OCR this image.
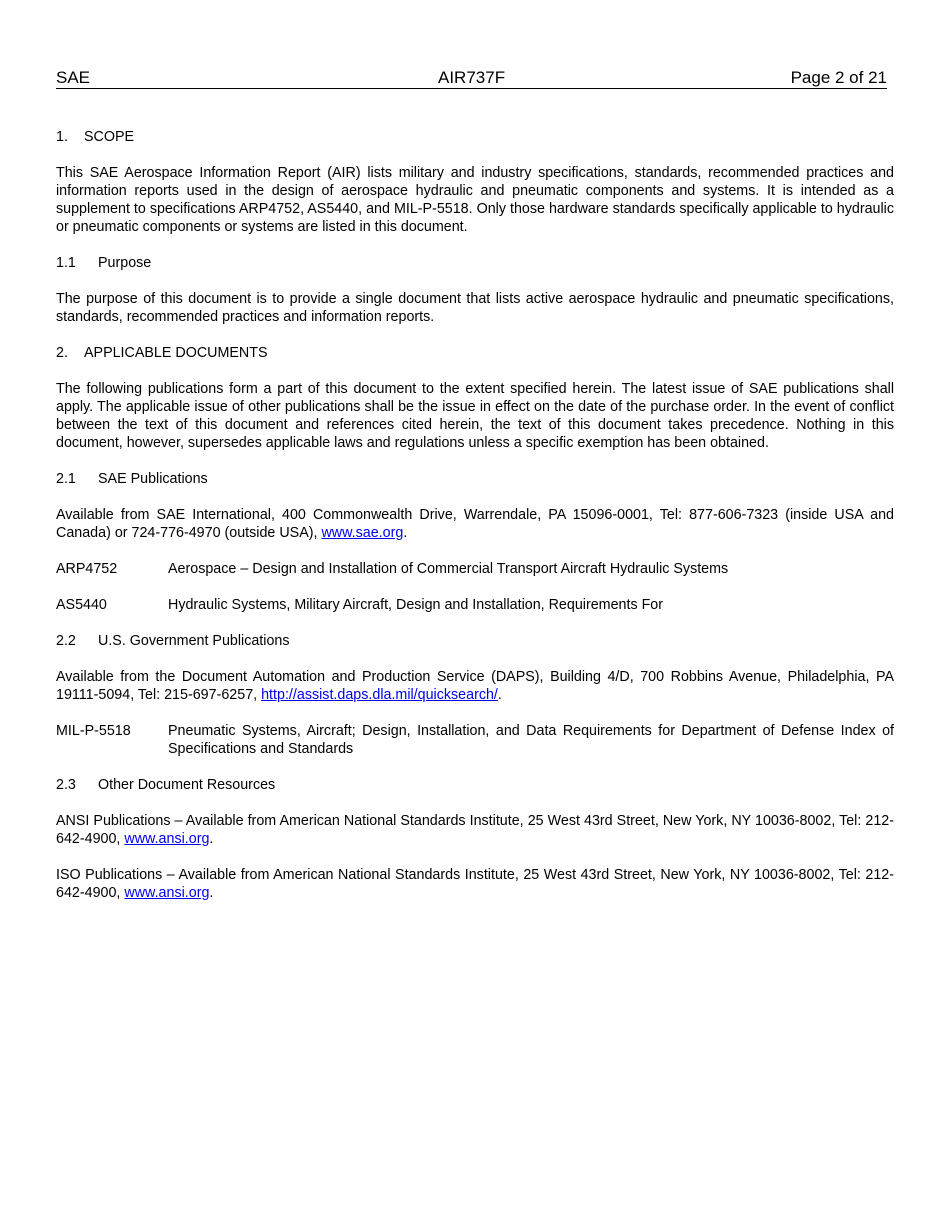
SAE	AIR737F	Page 2 of 21
1. SCOPE

This SAE Aerospace Information Report (AIR) lists military and industry specifications, standards, recommended practices and information reports used in the design of aerospace hydraulic and pneumatic components and systems. It is intended as a supplement to specifications ARP4752, AS5440, and MIL-P-5518. Only those hardware standards specifically applicable to hydraulic or pneumatic components or systems are listed in this document.

1.1 Purpose

The purpose of this document is to provide a single document that lists active aerospace hydraulic and pneumatic specifications, standards, recommended practices and information reports.

2. APPLICABLE DOCUMENTS

The following publications form a part of this document to the extent specified herein. The latest issue of SAE publications shall apply. The applicable issue of other publications shall be the issue in effect on the date of the purchase order. In the event of conflict between the text of this document and references cited herein, the text of this document takes precedence. Nothing in this document, however, supersedes applicable laws and regulations unless a specific exemption has been obtained.

2.1 SAE Publications

Available from SAE International, 400 Commonwealth Drive, Warrendale, PA 15096-0001, Tel: 877-606-7323 (inside USA and Canada) or 724-776-4970 (outside USA), www.sae.org.

ARP4752	Aerospace – Design and Installation of Commercial Transport Aircraft Hydraulic Systems
AS5440	Hydraulic Systems, Military Aircraft, Design and Installation, Requirements For
2.2 U.S. Government Publications

Available from the Document Automation and Production Service (DAPS), Building 4/D, 700 Robbins Avenue, Philadelphia, PA 19111-5094, Tel: 215-697-6257, http://assist.daps.dla.mil/quicksearch/.

MIL-P-5518	Pneumatic Systems, Aircraft; Design, Installation, and Data Requirements for Department of Defense Index of Specifications and Standards
2.3 Other Document Resources

ANSI Publications – Available from American National Standards Institute, 25 West 43rd Street, New York, NY 10036-8002, Tel: 212-642-4900, www.ansi.org.

ISO Publications – Available from American National Standards Institute, 25 West 43rd Street, New York, NY 10036-8002, Tel: 212-642-4900, www.ansi.org.
